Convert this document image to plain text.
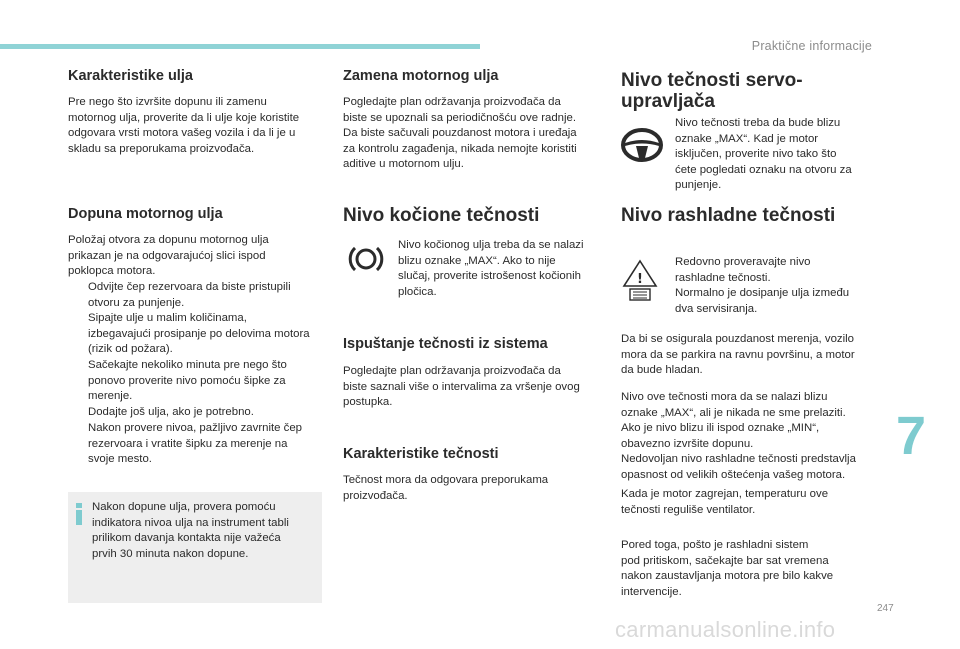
Praktične informacije
Karakteristike ulja

Pre nego što izvršite dopunu ili zamenu
motornog ulja, proverite da li ulje koje koristite
odgovara vrsti motora vašeg vozila i da li je u
skladu sa preporukama proizvođača.

Dopuna motornog ulja

Položaj otvora za dopunu motornog ulja
prikazan je na odgovarajućoj slici ispod
poklopca motora.

Odvijte čep rezervoara da biste pristupili
otvoru za punjenje.
Sipajte ulje u malim količinama,
izbegavajući prosipanje po delovima motora
(rizik od požara).
Sačekajte nekoliko minuta pre nego što
ponovo proverite nivo pomoću šipke za
merenje.
Dodajte još ulja, ako je potrebno.
Nakon provere nivoa, pažljivo zavrnite čep
rezervoara i vratite šipku za merenje na
svoje mesto.

Nakon dopune ulja, provera pomoću
indikatora nivoa ulja na instrument tabli
prilikom davanja kontakta nije važeća
prvih 30 minuta nakon dopune.

Zamena motornog ulja

Pogledajte plan održavanja proizvođača da
biste se upoznali sa periodičnošću ove radnje.
Da biste sačuvali pouzdanost motora i uređaja
za kontrolu zagađenja, nikada nemojte koristiti
aditive u motornom ulju.

Nivo kočione tečnosti

Nivo kočionog ulja treba da se nalazi
blizu oznake „MAX“. Ako to nije
slučaj, proverite istrošenost kočionih
pločica.

Ispuštanje tečnosti iz sistema

Pogledajte plan održavanja proizvođača da
biste saznali više o intervalima za vršenje ovog
postupka.

Karakteristike tečnosti

Tečnost mora da odgovara preporukama
proizvođača.

Nivo tečnosti servo-
upravljača

Nivo tečnosti treba da bude blizu
oznake „MAX“. Kad je motor
isključen, proverite nivo tako što
ćete pogledati oznaku na otvoru za
punjenje.

Nivo rashladne tečnosti
!

Redovno proveravajte nivo
rashladne tečnosti.
Normalno je dosipanje ulja između
dva servisiranja.

Da bi se osigurala pouzdanost merenja, vozilo
mora da se parkira na ravnu površinu, a motor
da bude hladan.

Nivo ove tečnosti mora da se nalazi blizu
oznake „MAX“, ali je nikada ne sme prelaziti.
Ako je nivo blizu ili ispod oznake „MIN“,
obavezno izvršite dopunu.
Nedovoljan nivo rashladne tečnosti predstavlja
opasnost od velikih oštećenja vašeg motora.

Kada je motor zagrejan, temperaturu ove
tečnosti reguliše ventilator.

Pored toga, pošto je rashladni sistem
pod pritiskom, sačekajte bar sat vremena
nakon zaustavljanja motora pre bilo kakve
intervencije.

7
247
carmanualsonline.info
